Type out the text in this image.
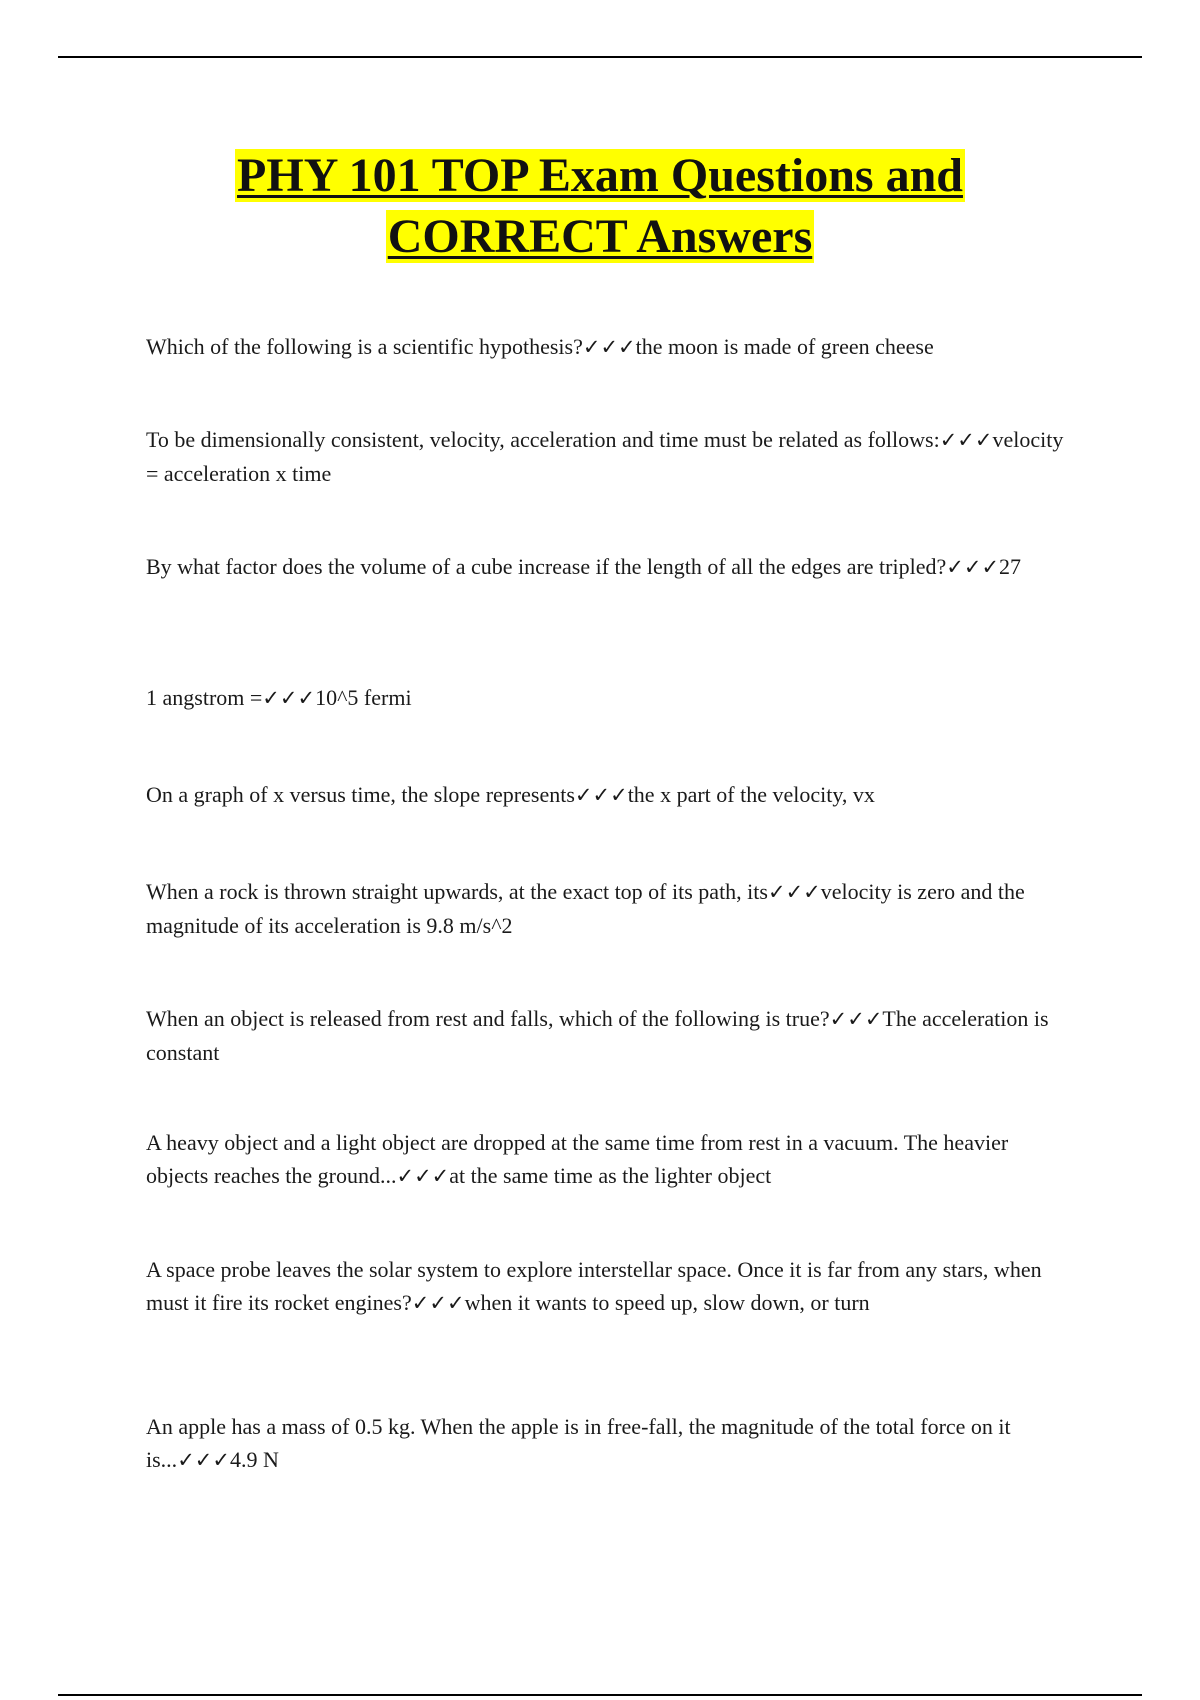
PHY 101 TOP Exam Questions and
CORRECT Answers
Which of the following is a scientific hypothesis?✓✓✓the moon is made of green cheese
To be dimensionally consistent, velocity, acceleration and time must be related as follows:✓✓✓velocity = acceleration x time
By what factor does the volume of a cube increase if the length of all the edges are tripled?✓✓✓27
1 angstrom =✓✓✓10^5 fermi
On a graph of x versus time, the slope represents✓✓✓the x part of the velocity, vx
When a rock is thrown straight upwards, at the exact top of its path, its✓✓✓velocity is zero and the magnitude of its acceleration is 9.8 m/s^2
When an object is released from rest and falls, which of the following is true?✓✓✓The acceleration is constant
A heavy object and a light object are dropped at the same time from rest in a vacuum. The heavier objects reaches the ground...✓✓✓at the same time as the lighter object
A space probe leaves the solar system to explore interstellar space. Once it is far from any stars, when must it fire its rocket engines?✓✓✓when it wants to speed up, slow down, or turn
An apple has a mass of 0.5 kg. When the apple is in free-fall, the magnitude of the total force on it is...✓✓✓4.9 N
